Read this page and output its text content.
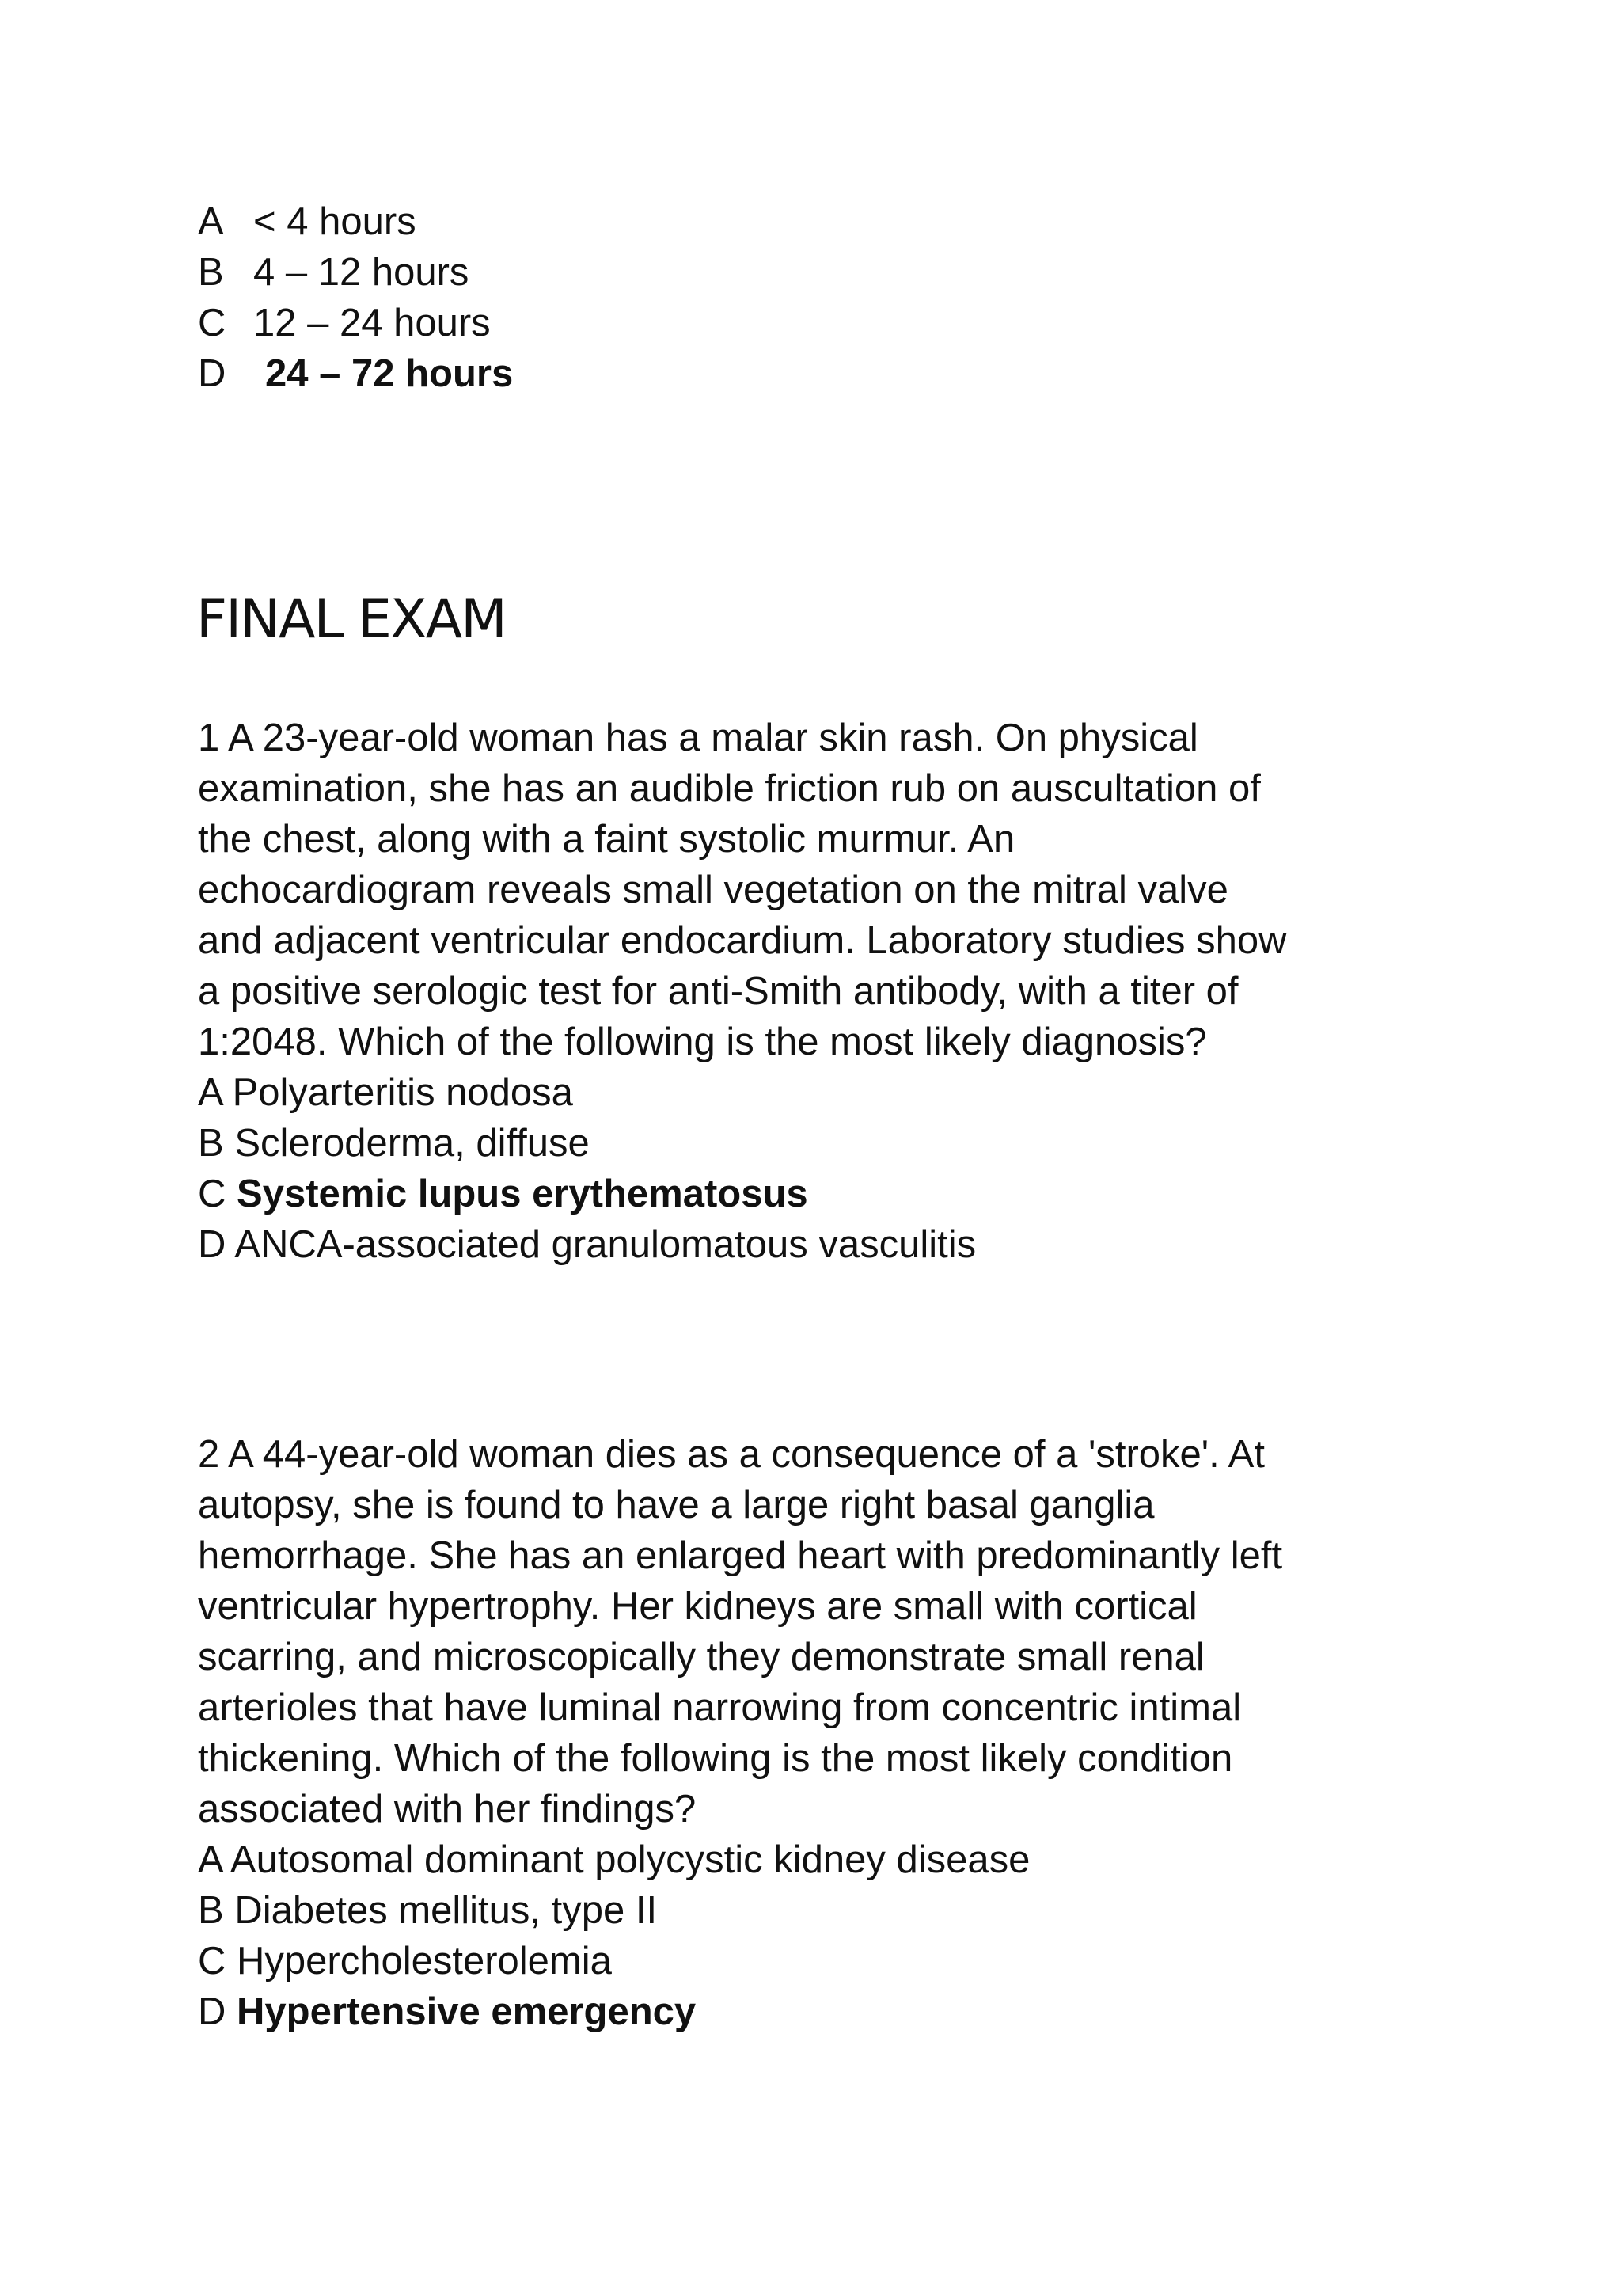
A < 4 hours
B 4 – 12 hours
C 12 – 24 hours
D 24 – 72 hours
FINAL EXAM
1 A 23-year-old woman has a malar skin rash. On physical
examination, she has an audible friction rub on auscultation of
the chest, along with a faint systolic murmur. An
echocardiogram reveals small vegetation on the mitral valve
and adjacent ventricular endocardium. Laboratory studies show
a positive serologic test for anti-Smith antibody, with a titer of
1:2048. Which of the following is the most likely diagnosis?
A Polyarteritis nodosa
B Scleroderma, diffuse
C Systemic lupus erythematosus
D ANCA-associated granulomatous vasculitis
2 A 44-year-old woman dies as a consequence of a 'stroke'. At
autopsy, she is found to have a large right basal ganglia
hemorrhage. She has an enlarged heart with predominantly left
ventricular hypertrophy. Her kidneys are small with cortical
scarring, and microscopically they demonstrate small renal
arterioles that have luminal narrowing from concentric intimal
thickening. Which of the following is the most likely condition
associated with her findings?
A Autosomal dominant polycystic kidney disease
B Diabetes mellitus, type II
C Hypercholesterolemia
D Hypertensive emergency
